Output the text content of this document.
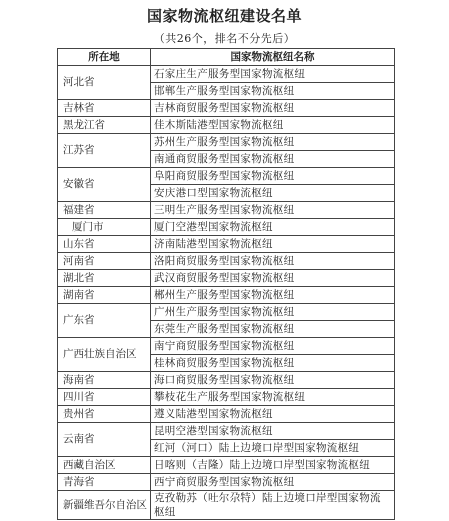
国家物流枢纽建设名单
（共26个，排名不分先后）
所在地	国家物流枢纽名称
河北省	石家庄生产服务型国家物流枢纽
	邯郸生产服务型国家物流枢纽
吉林省	吉林商贸服务型国家物流枢纽
黑龙江省	佳木斯陆港型国家物流枢纽
江苏省	苏州生产服务型国家物流枢纽
	南通商贸服务型国家物流枢纽
安徽省	阜阳商贸服务型国家物流枢纽
	安庆港口型国家物流枢纽
福建省	三明生产服务型国家物流枢纽
厦门市	厦门空港型国家物流枢纽
山东省	济南陆港型国家物流枢纽
河南省	洛阳商贸服务型国家物流枢纽
湖北省	武汉商贸服务型国家物流枢纽
湖南省	郴州生产服务型国家物流枢纽
广东省	广州生产服务型国家物流枢纽
	东莞生产服务型国家物流枢纽
广西壮族自治区	南宁商贸服务型国家物流枢纽
	桂林商贸服务型国家物流枢纽
海南省	海口商贸服务型国家物流枢纽
四川省	攀枝花生产服务型国家物流枢纽
贵州省	遵义陆港型国家物流枢纽
云南省	昆明空港型国家物流枢纽
	红河（河口）陆上边境口岸型国家物流枢纽
西藏自治区	日喀则（吉隆）陆上边境口岸型国家物流枢纽
青海省	西宁商贸服务型国家物流枢纽
新疆维吾尔自治区	克孜勒苏（吐尔尕特）陆上边境口岸型国家物流枢纽
